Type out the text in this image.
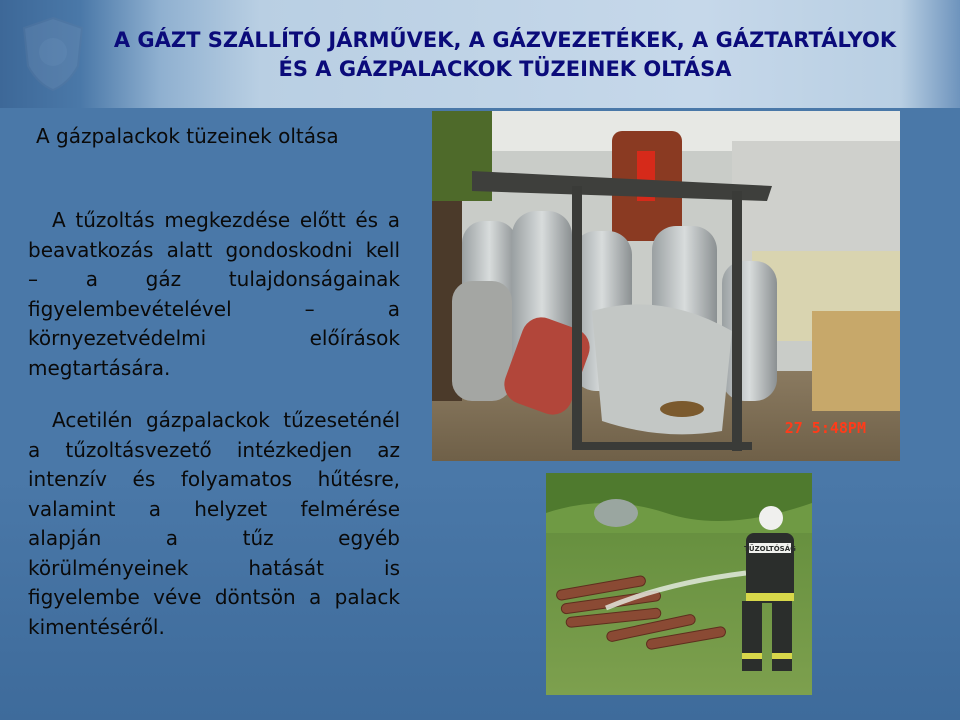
A GÁZT SZÁLLÍTÓ JÁRMŰVEK, A GÁZVEZETÉKEK, A GÁZTARTÁLYOK
ÉS A GÁZPALACKOK TÜZEINEK OLTÁSA
A gázpalackok tüzeinek oltása

A tűzoltás megkezdése előtt és a
beavatkozás alatt gondoskodni kell
– a gáz tulajdonságainak
figyelembevételével – a
környezetvédelmi előírások
megtartására.

Acetilén gázpalackok tűzeseténél
a tűzoltásvezető intézkedjen az
intenzív és folyamatos hűtésre,
valamint a helyzet felmérése
alapján a tűz egyéb
körülményeinek hatását is
figyelembe véve döntsön a palack
kimentéséről.

27 5:48PM
TŰZOLTÓSÁG
